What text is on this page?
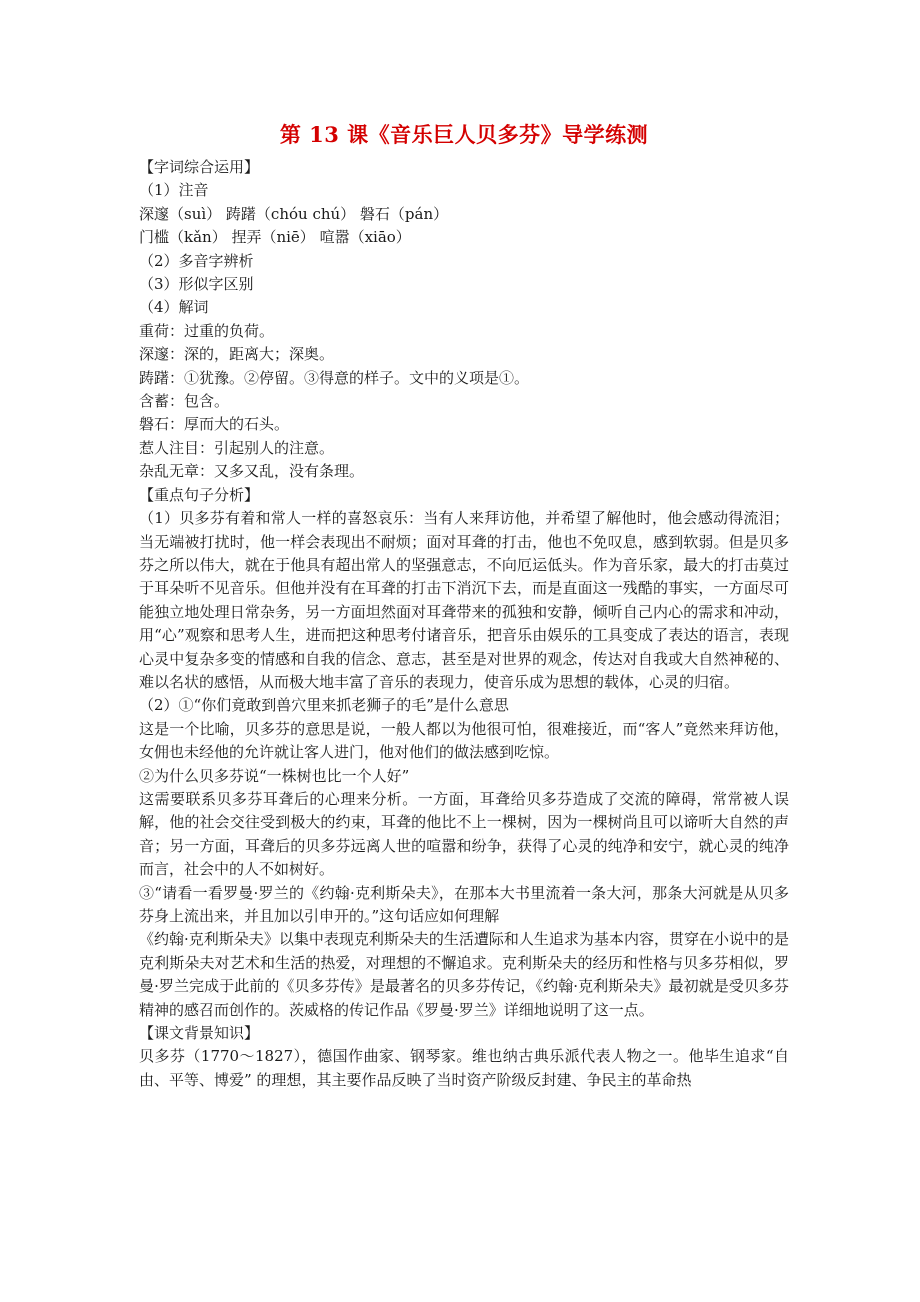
第 13 课《音乐巨人贝多芬》导学练测

【字词综合运用】

（1）注音

深邃（suì） 踌躇（chóu chú） 磐石（pán）

门槛（kǎn） 捏弄（niē） 喧嚣（xiāo）

（2）多音字辨析

（3）形似字区别

（4）解词

重荷：过重的负荷。

深邃：深的，距离大；深奥。

踌躇：①犹豫。②停留。③得意的样子。文中的义项是①。

含蓄：包含。

磐石：厚而大的石头。

惹人注目：引起别人的注意。

杂乱无章：又多又乱，没有条理。

【重点句子分析】

（1）贝多芬有着和常人一样的喜怒哀乐：当有人来拜访他，并希望了解他时，他会感动得流泪；当无端被打扰时，他一样会表现出不耐烦；面对耳聋的打击，他也不免叹息，感到软弱。但是贝多芬之所以伟大，就在于他具有超出常人的坚强意志，不向厄运低头。作为音乐家，最大的打击莫过于耳朵听不见音乐。但他并没有在耳聋的打击下消沉下去，而是直面这一残酷的事实，一方面尽可能独立地处理日常杂务，另一方面坦然面对耳聋带来的孤独和安静，倾听自己内心的需求和冲动，用“心”观察和思考人生，进而把这种思考付诸音乐，把音乐由娱乐的工具变成了表达的语言，表现心灵中复杂多变的情感和自我的信念、意志，甚至是对世界的观念，传达对自我或大自然神秘的、难以名状的感悟，从而极大地丰富了音乐的表现力，使音乐成为思想的载体，心灵的归宿。

（2）①“你们竟敢到兽穴里来抓老狮子的毛”是什么意思

这是一个比喻，贝多芬的意思是说，一般人都以为他很可怕，很难接近，而“客人”竟然来拜访他，女佣也未经他的允许就让客人进门，他对他们的做法感到吃惊。

②为什么贝多芬说“一株树也比一个人好”

这需要联系贝多芬耳聋后的心理来分析。一方面，耳聋给贝多芬造成了交流的障碍，常常被人误解，他的社会交往受到极大的约束，耳聋的他比不上一棵树，因为一棵树尚且可以谛听大自然的声音；另一方面，耳聋后的贝多芬远离人世的喧嚣和纷争，获得了心灵的纯净和安宁，就心灵的纯净而言，社会中的人不如树好。

③“请看一看罗曼·罗兰的《约翰·克利斯朵夫》，在那本大书里流着一条大河，那条大河就是从贝多芬身上流出来，并且加以引申开的。”这句话应如何理解

《约翰·克利斯朵夫》以集中表现克利斯朵夫的生活遭际和人生追求为基本内容，贯穿在小说中的是克利斯朵夫对艺术和生活的热爱，对理想的不懈追求。克利斯朵夫的经历和性格与贝多芬相似，罗曼·罗兰完成于此前的《贝多芬传》是最著名的贝多芬传记，《约翰·克利斯朵夫》最初就是受贝多芬精神的感召而创作的。茨威格的传记作品《罗曼·罗兰》详细地说明了这一点。

【课文背景知识】

贝多芬（1770～1827），德国作曲家、钢琴家。维也纳古典乐派代表人物之一。他毕生追求“自由、平等、博爱” 的理想，其主要作品反映了当时资产阶级反封建、争民主的革命热
